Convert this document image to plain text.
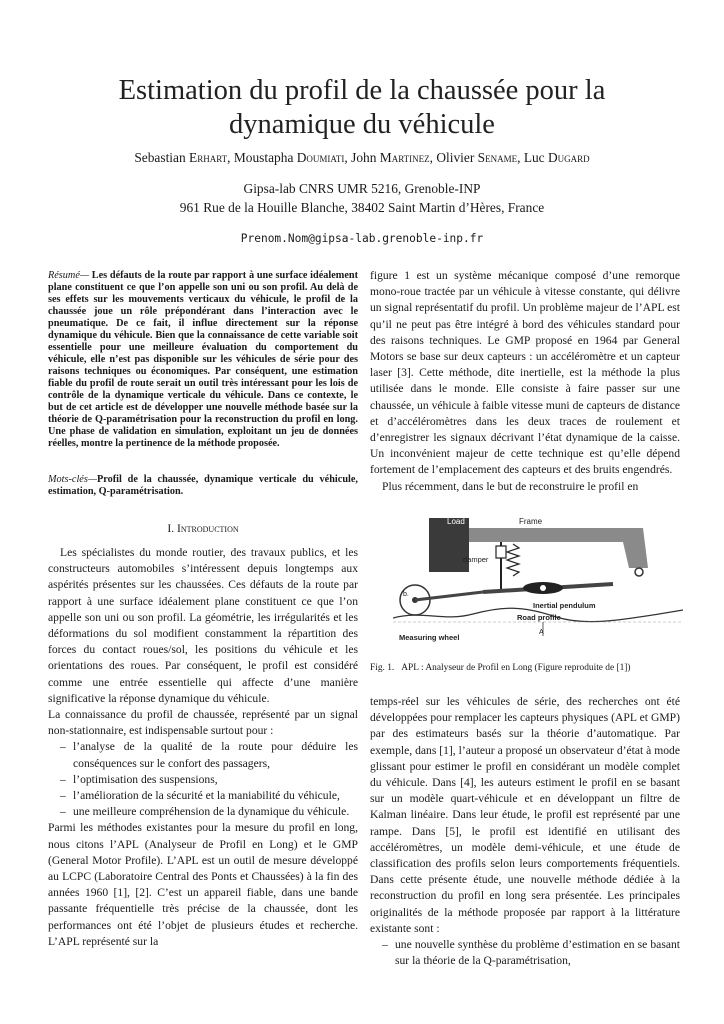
Estimation du profil de la chaussée pour la
dynamique du véhicule

Sebastian Erhart, Moustapha Doumiati, John Martinez, Olivier Sename, Luc Dugard

Gipsa-lab CNRS UMR 5216, Grenoble-INP
961 Rue de la Houille Blanche, 38402 Saint Martin d’Hères, France

Prenom.Nom@gipsa-lab.grenoble-inp.fr

Résumé— Les défauts de la route par rapport à une surface idéalement plane constituent ce que l’on appelle son uni ou son profil. Au delà de ses effets sur les mouvements verticaux du véhicule, le profil de la chaussée joue un rôle prépondérant dans l’interaction avec le pneumatique. De ce fait, il influe directement sur la réponse dynamique du véhicule. Bien que la connaissance de cette variable soit essentielle pour une meilleure évaluation du comportement du véhicule, elle n’est pas disponible sur les véhicules de série pour des raisons techniques ou économiques. Par conséquent, une estimation fiable du profil de route serait un outil très intéressant pour les lois de contrôle de la dynamique verticale du véhicule. Dans ce contexte, le but de cet article est de développer une nouvelle méthode basée sur la théorie de Q-paramétrisation pour la reconstruction du profil en long. Une phase de validation en simulation, exploitant un jeu de données réelles, montre la pertinence de la méthode proposée.

Mots-clés—Profil de la chaussée, dynamique verticale du véhicule, estimation, Q-paramétrisation.

I. Introduction

Les spécialistes du monde routier, des travaux publics, et les constructeurs automobiles s’intéressent depuis longtemps aux aspérités présentes sur les chaussées. Ces défauts de la route par rapport à une surface idéalement plane constituent ce que l’on appelle son uni ou son profil. La géométrie, les irrégularités et les déformations du sol modifient constamment la répartition des forces du contact roues/sol, les positions du véhicule et les orientations des roues. Par conséquent, le profil est considéré comme une entrée essentielle qui affecte d’une manière significative la réponse dynamique du véhicule.

La connaissance du profil de chaussée, représenté par un signal non-stationnaire, est indispensable surtout pour :

– l’analyse de la qualité de la route pour déduire les conséquences sur le confort des passagers,
– l’optimisation des suspensions,
– l’amélioration de la sécurité et la maniabilité du véhicule,
– une meilleure compréhension de la dynamique du véhicule.

Parmi les méthodes existantes pour la mesure du profil en long, nous citons l’APL (Analyseur de Profil en Long) et le GMP (General Motor Profile). L’APL est un outil de mesure développé au LCPC (Laboratoire Central des Ponts et Chaussées) à la fin des années 1960 [1], [2]. C’est un appareil fiable, dans une bande passante fréquentielle très précise de la chaussée, dont les performances ont été l’objet de plusieurs études et recherche. L’APL représenté sur la

figure 1 est un système mécanique composé d’une remorque mono-roue tractée par un véhicule à vitesse constante, qui délivre un signal représentatif du profil. Un problème majeur de l’APL est qu’il ne peut pas être intégré à bord des véhicules standard pour des raisons techniques. Le GMP proposé en 1964 par General Motors se base sur deux capteurs : un accéléromètre et un capteur laser [3]. Cette méthode, dite inertielle, est la méthode la plus utilisée dans le monde. Elle consiste à faire passer sur une chaussée, un véhicule à faible vitesse muni de capteurs de distance et d’accéléromètres dans les deux traces de roulement et d’enregistrer les signaux décrivant l’état dynamique de la caisse. Un inconvénient majeur de cette technique est qu’elle dépend fortement de l’emplacement des capteurs et des bruits engendrés.

Plus récemment, dans le but de reconstruire le profil en

Load	Frame
damper
Inertial pendulum
b.
Road profile
A
Measuring wheel

Fig. 1. APL : Analyseur de Profil en Long (Figure reproduite de [1])

temps-réel sur les véhicules de série, des recherches ont été développées pour remplacer les capteurs physiques (APL et GMP) par des estimateurs basés sur la théorie d’automatique. Par exemple, dans [1], l’auteur a proposé un observateur d’état à mode glissant pour estimer le profil en considérant un modèle complet du véhicule. Dans [4], les auteurs estiment le profil en se basant sur un modèle quart-véhicule et en développant un filtre de Kalman linéaire. Dans leur étude, le profil est représenté par une rampe. Dans [5], le profil est identifié en utilisant des accéléromètres, un modèle demi-véhicule, et une étude de classification des profils selon leurs comportements fréquentiels. Dans cette présente étude, une nouvelle méthode dédiée à la reconstruction du profil en long sera présentée. Les principales originalités de la méthode proposée par rapport à la littérature existante sont :

– une nouvelle synthèse du problème d’estimation en se basant sur la théorie de la Q-paramétrisation,
